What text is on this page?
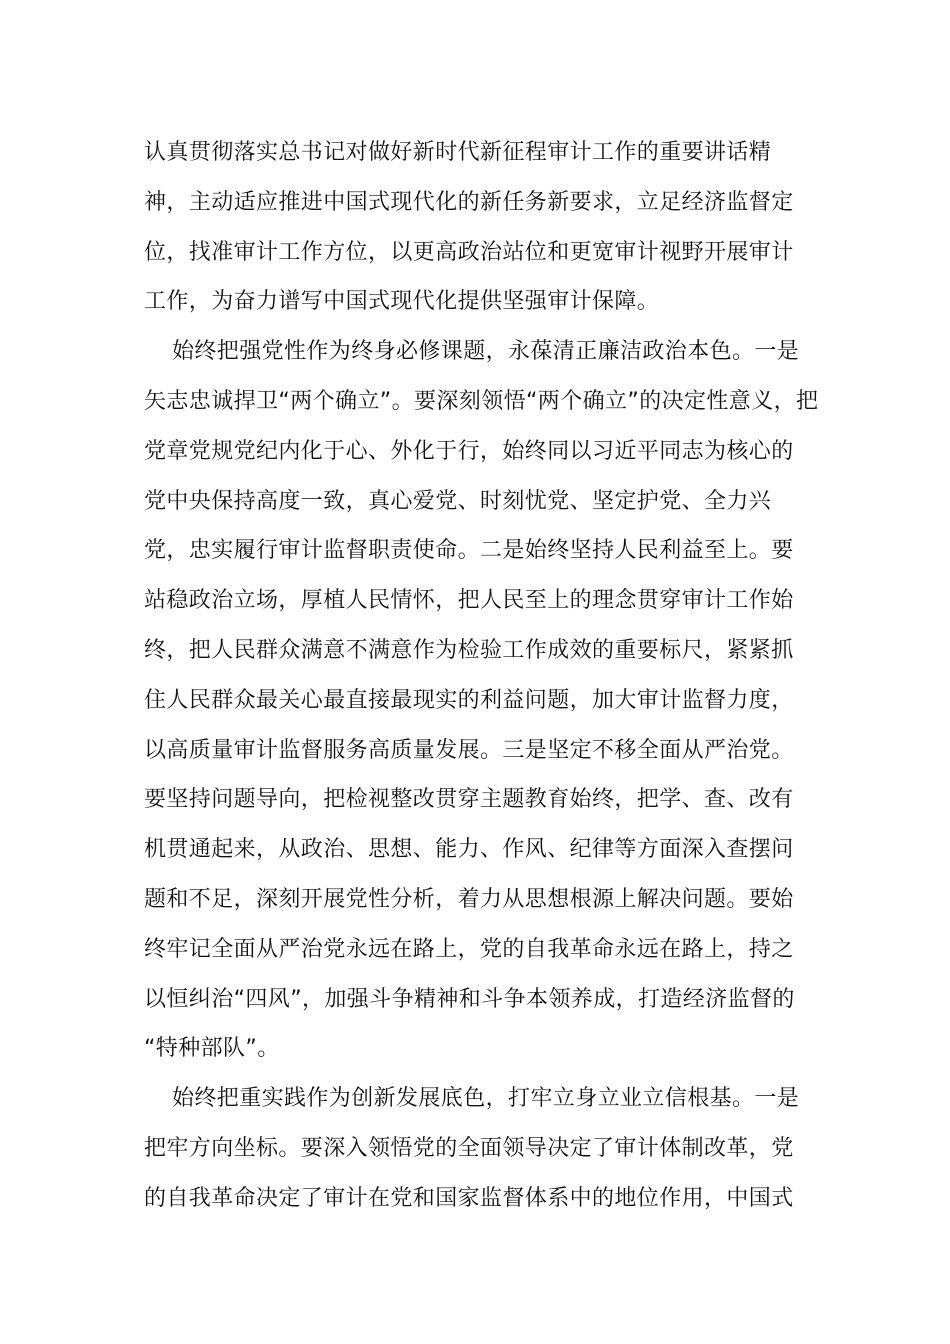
认真贯彻落实总书记对做好新时代新征程审计工作的重要讲话精
神，主动适应推进中国式现代化的新任务新要求，立足经济监督定
位，找准审计工作方位，以更高政治站位和更宽审计视野开展审计
工作，为奋力谱写中国式现代化提供坚强审计保障。
始终把强党性作为终身必修课题，永葆清正廉洁政治本色。一是
矢志忠诚捍卫“两个确立”。要深刻领悟“两个确立”的决定性意义，把
党章党规党纪内化于心、外化于行，始终同以习近平同志为核心的
党中央保持高度一致，真心爱党、时刻忧党、坚定护党、全力兴
党，忠实履行审计监督职责使命。二是始终坚持人民利益至上。要
站稳政治立场，厚植人民情怀，把人民至上的理念贯穿审计工作始
终，把人民群众满意不满意作为检验工作成效的重要标尺，紧紧抓
住人民群众最关心最直接最现实的利益问题，加大审计监督力度，
以高质量审计监督服务高质量发展。三是坚定不移全面从严治党。
要坚持问题导向，把检视整改贯穿主题教育始终，把学、查、改有
机贯通起来，从政治、思想、能力、作风、纪律等方面深入查摆问
题和不足，深刻开展党性分析，着力从思想根源上解决问题。要始
终牢记全面从严治党永远在路上，党的自我革命永远在路上，持之
以恒纠治“四风”，加强斗争精神和斗争本领养成，打造经济监督的
“特种部队”。
始终把重实践作为创新发展底色，打牢立身立业立信根基。一是
把牢方向坐标。要深入领悟党的全面领导决定了审计体制改革，党
的自我革命决定了审计在党和国家监督体系中的地位作用，中国式
